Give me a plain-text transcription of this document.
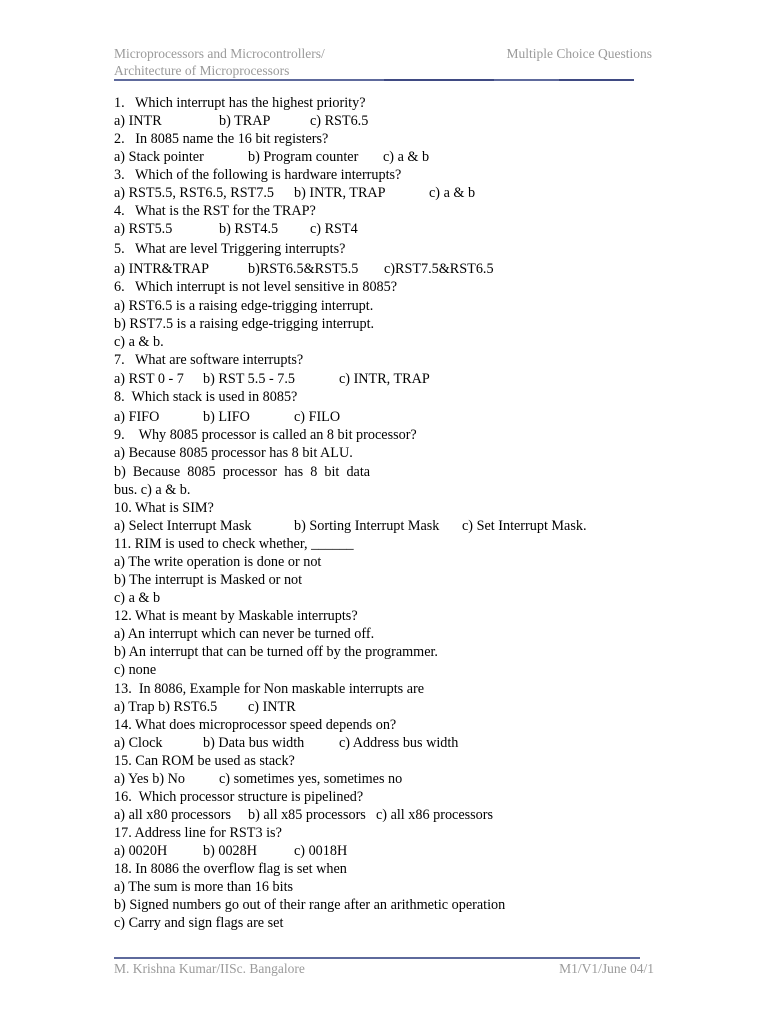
Microprocessors and Microcontrollers/
Architecture of Microprocessors
Multiple Choice Questions
1.   Which interrupt has the highest priority?
a) INTR	b) TRAP	c) RST6.5
2.   In 8085 name the 16 bit registers?
a) Stack pointer	b) Program counter c) a & b
3.   Which of the following is hardware interrupts?
a) RST5.5, RST6.5, RST7.5 b) INTR, TRAP	c) a & b
4.   What is the RST for the TRAP?
a) RST5.5	b) RST4.5 c) RST4
5.   What are level Triggering interrupts?
a) INTR&TRAP	b)RST6.5&RST5.5 c)RST7.5&RST6.5
6.   Which interrupt is not level sensitive in 8085?
a) RST6.5 is a raising edge-trigging interrupt.
b) RST7.5 is a raising edge-trigging interrupt.
c) a & b.
7.   What are software interrupts?
a) RST 0 - 7 b) RST 5.5 - 7.5	c) INTR, TRAP
8.  Which stack is used in 8085?
a) FIFO	b) LIFO	c) FILO
9.    Why 8085 processor is called an 8 bit processor?
a) Because 8085 processor has 8 bit ALU.
b)  Because  8085  processor  has  8  bit  data
bus. c) a & b.
10. What is SIM?
a) Select Interrupt Mask	b) Sorting Interrupt Mask c) Set Interrupt Mask.
11. RIM is used to check whether, ______
a) The write operation is done or not
b) The interrupt is Masked or not
c) a & b
12. What is meant by Maskable interrupts?
a) An interrupt which can never be turned off.
b) An interrupt that can be turned off by the programmer.
c) none
13.  In 8086, Example for Non maskable interrupts are
a) Trap b) RST6.5 c) INTR
14. What does microprocessor speed depends on?
a) Clock	b) Data bus width c) Address bus width
15. Can ROM be used as stack?
a) Yes b) No c) sometimes yes, sometimes no
16.  Which processor structure is pipelined?
a) all x80 processors b) all x85 processors c) all x86 processors
17. Address line for RST3 is?
a) 0020H	b) 0028H	c) 0018H
18. In 8086 the overflow flag is set when
a) The sum is more than 16 bits
b) Signed numbers go out of their range after an arithmetic operation
c) Carry and sign flags are set
M. Krishna Kumar/IISc. Bangalore	M1/V1/June 04/1
